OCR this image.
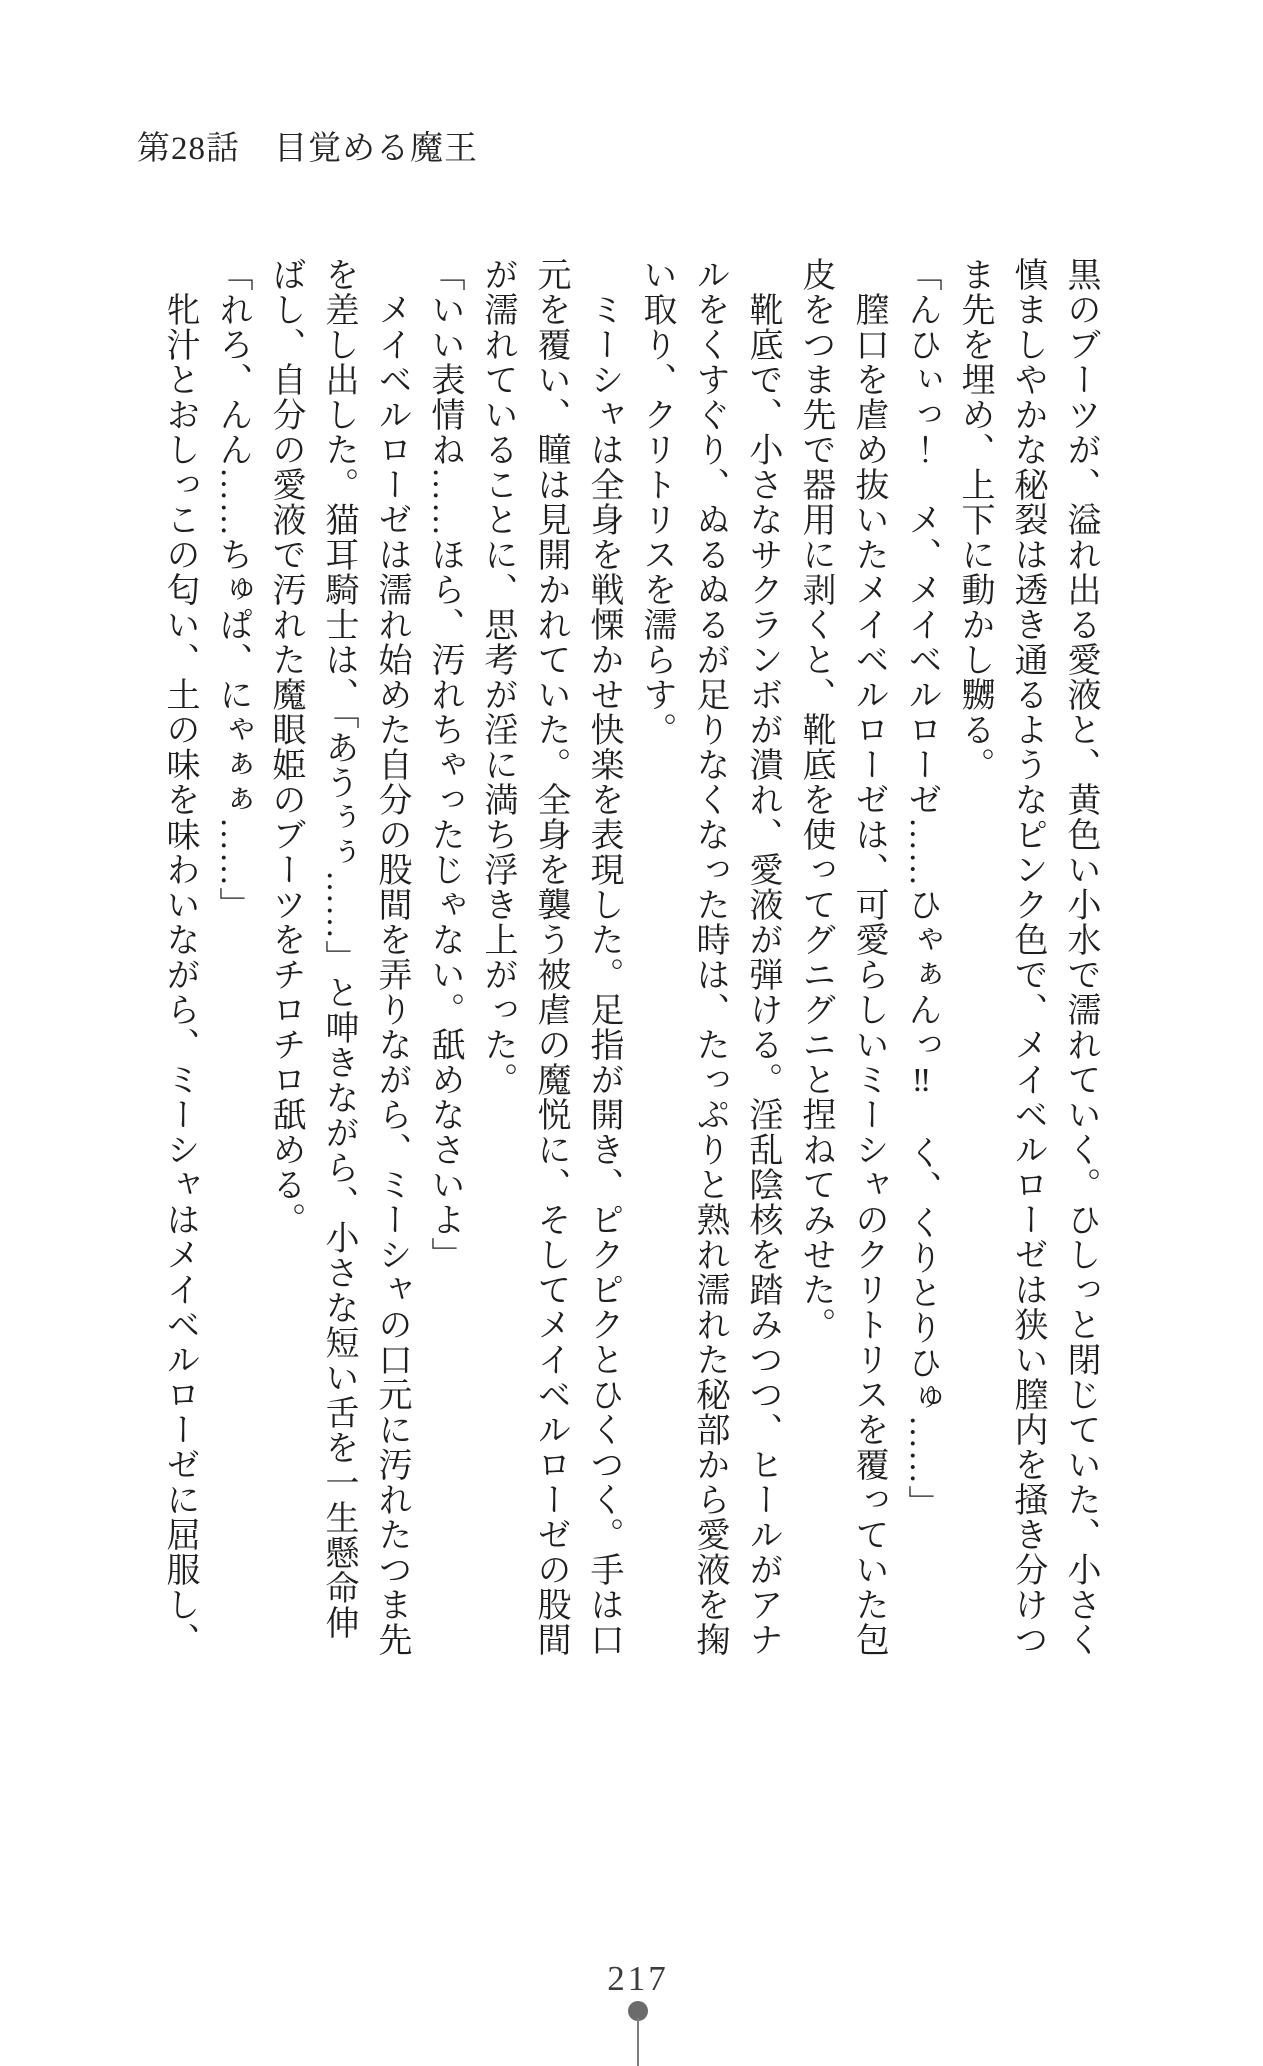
第28話　目覚める魔王

黒のブーツが、溢れ出る愛液と、黄色い小水で濡れていく。ひしっと閉じていた、小さく

慎ましやかな秘裂は透き通るようなピンク色で、メイベルローゼは狭い膣内を掻き分けつ

ま先を埋め、上下に動かし嬲る。

「んひぃっ！　メ、メイベルローゼ……ひゃぁんっ‼　く、くりとりひゅ……」

　膣口を虐め抜いたメイベルローゼは、可愛らしいミーシャのクリトリスを覆っていた包

皮をつま先で器用に剥くと、靴底を使ってグニグニと捏ねてみせた。

　靴底で、小さなサクランボが潰れ、愛液が弾ける。淫乱陰核を踏みつつ、ヒールがアナ

ルをくすぐり、ぬるぬるが足りなくなった時は、たっぷりと熟れ濡れた秘部から愛液を掬

い取り、クリトリスを濡らす。

　ミーシャは全身を戦慄かせ快楽を表現した。足指が開き、ピクピクとひくつく。手は口

元を覆い、瞳は見開かれていた。全身を襲う被虐の魔悦に、そしてメイベルローゼの股間

が濡れていることに、思考が淫に満ち浮き上がった。

「いい表情ね……ほら、汚れちゃったじゃない。舐めなさいよ」

　メイベルローゼは濡れ始めた自分の股間を弄りながら、ミーシャの口元に汚れたつま先

を差し出した。猫耳騎士は、「あうぅぅ……」と呻きながら、小さな短い舌を一生懸命伸

ばし、自分の愛液で汚れた魔眼姫のブーツをチロチロ舐める。

「れろ、んん……ちゅぱ、にゃぁぁ……」

　牝汁とおしっこの匂い、土の味を味わいながら、ミーシャはメイベルローゼに屈服し、

217
